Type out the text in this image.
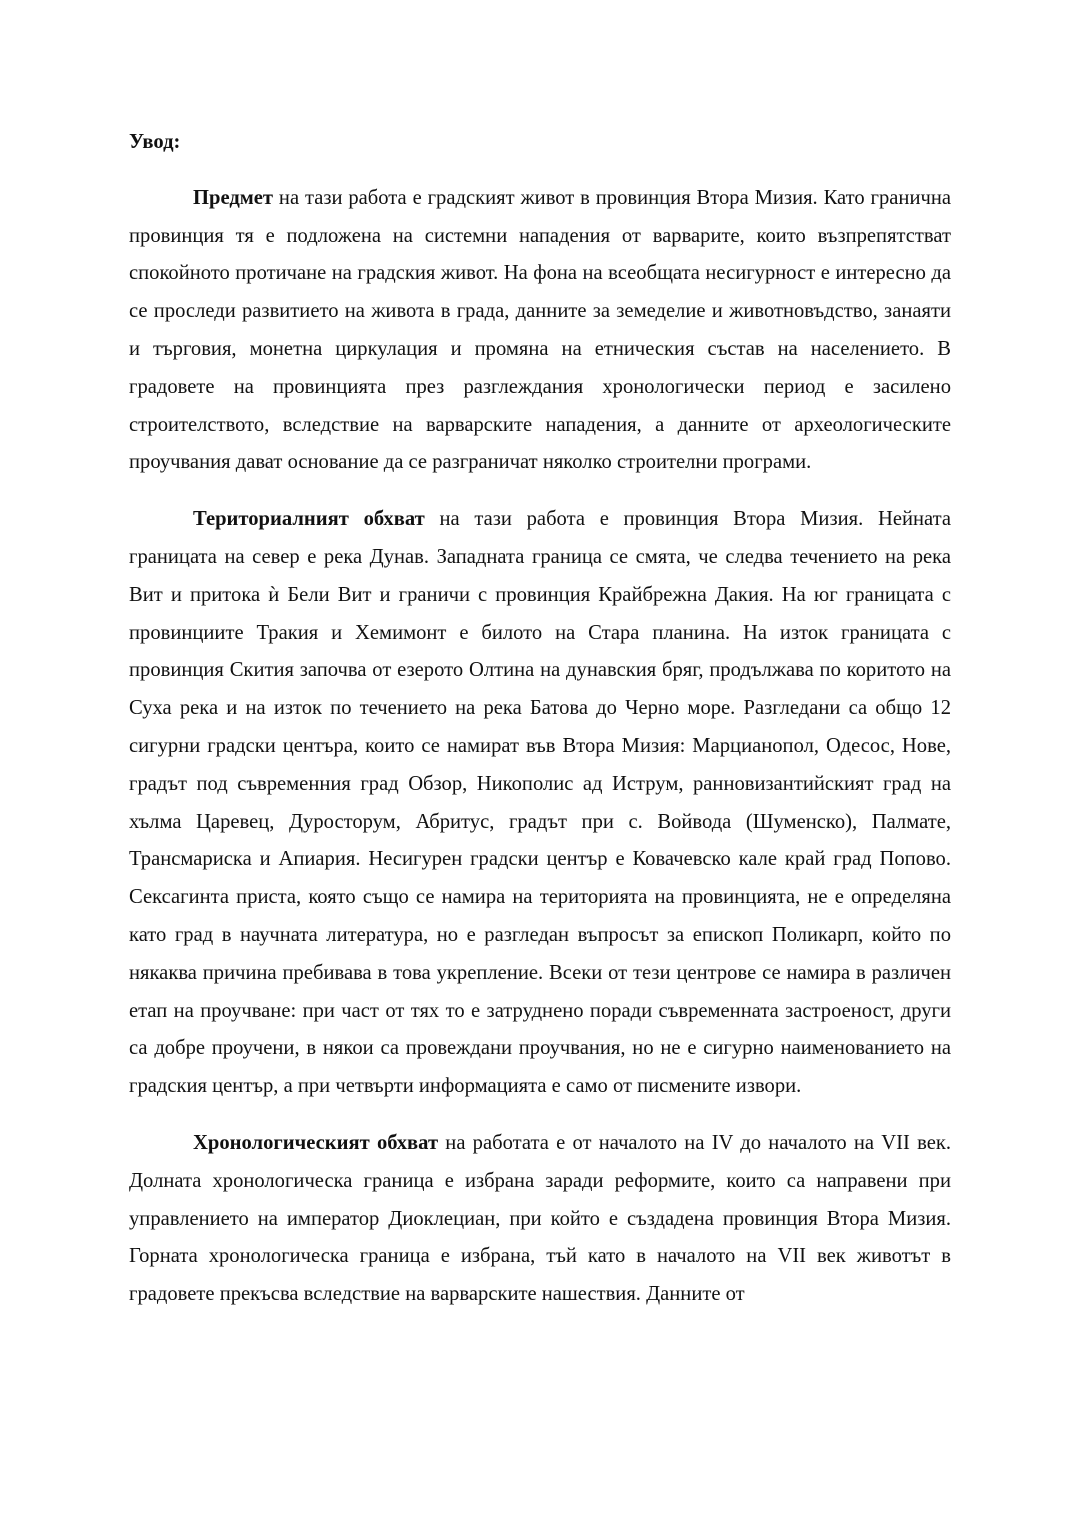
Увод:

Предмет на тази работа е градският живот в провинция Втора Мизия. Като гранична провинция тя е подложена на системни нападения от варварите, които възпрепятстват спокойното протичане на градския живот. На фона на всеобщата несигурност е интересно да се проследи развитието на живота в града, данните за земеделие и животновъдство, занаяти и търговия, монетна циркулация и промяна на етническия състав на населението. В градовете на провинцията през разглеждания хронологически период е засилено строителството, вследствие на варварските нападения, а данните от археологическите проучвания дават основание да се разграничат няколко строителни програми.

Териториалният обхват на тази работа е провинция Втора Мизия. Нейната границата на север е река Дунав. Западната граница се смята, че следва течението на река Вит и притока ѝ Бели Вит и граничи с провинция Крайбрежна Дакия. На юг границата с провинциите Тракия и Хемимонт е билото на Стара планина. На изток границата с провинция Скития започва от езерото Олтина на дунавския бряг, продължава по коритото на Суха река и на изток по течението на река Батова до Черно море. Разгледани са общо 12 сигурни градски центъра, които се намират във Втора Мизия: Марцианопол, Одесос, Нове, градът под съвременния град Обзор, Никополис ад Иструм, ранновизантийският град на хълма Царевец, Дуросторум, Абритус, градът при с. Войвода (Шуменско), Палмате, Трансмариска и Апиария. Несигурен градски център е Ковачевско кале край град Попово. Сексагинта приста, която също се намира на територията на провинцията, не е определяна като град в научната литература, но е разгледан въпросът за епископ Поликарп, който по някаква причина пребивава в това укрепление. Всеки от тези центрове се намира в различен етап на проучване: при част от тях то е затруднено поради съвременната застроеност, други са добре проучени, в някои са провеждани проучвания, но не е сигурно наименованието на градския център, а при четвърти информацията е само от писмените извори.

Хронологическият обхват на работата е от началото на IV до началото на VII век. Долната хронологическа граница е избрана заради реформите, които са направени при управлението на император Диоклециан, при който е създадена провинция Втора Мизия. Горната хронологическа граница е избрана, тъй като в началото на VII век животът в градовете прекъсва вследствие на варварските нашествия. Данните от
